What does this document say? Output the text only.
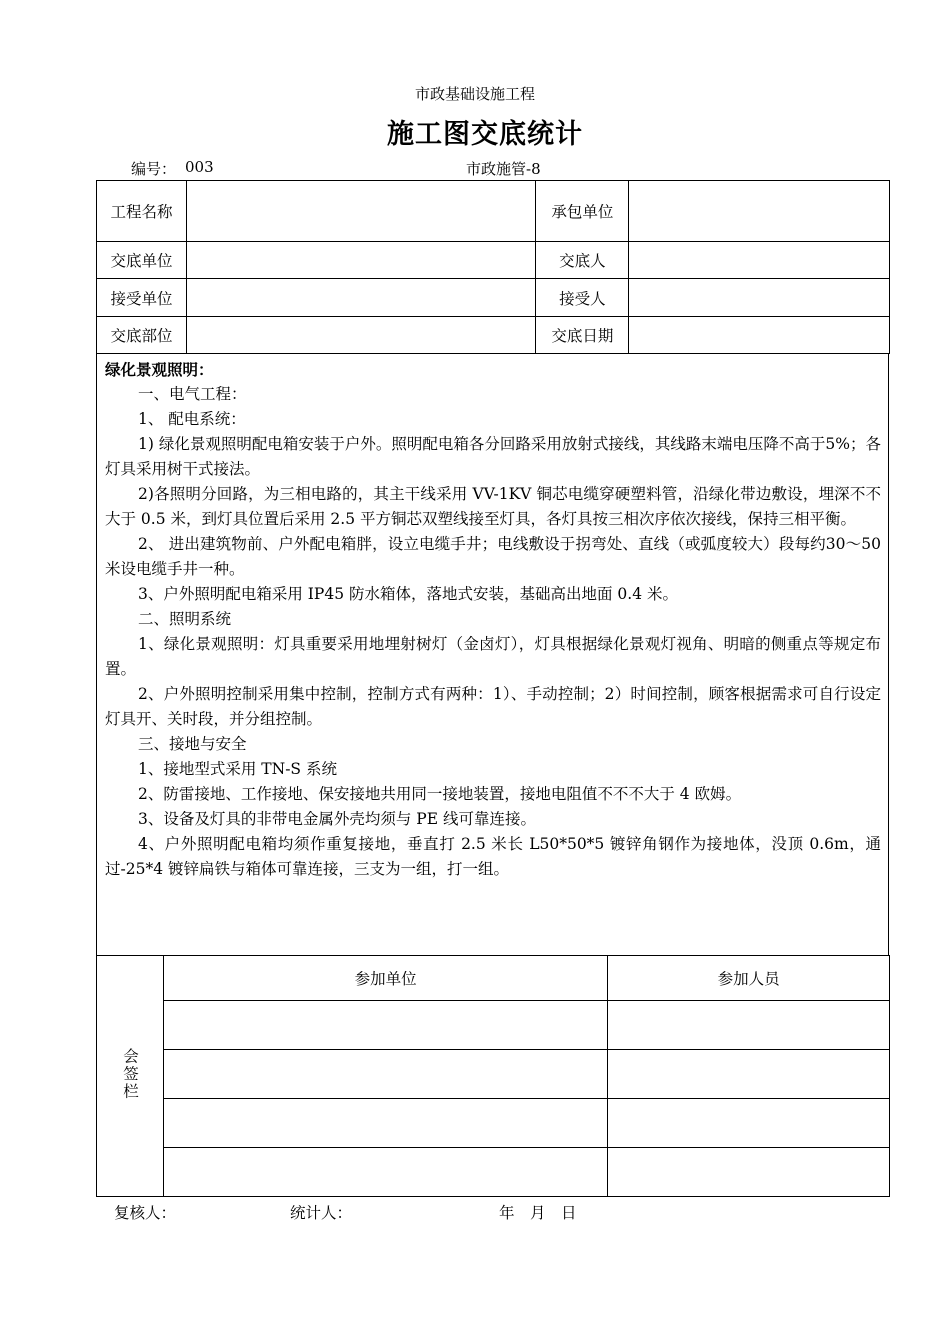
市政基础设施工程
施工图交底统计
编号： 003	市政施管-8
工程名称		承包单位	
交底单位		交底人	
接受单位		接受人	
交底部位		交底日期	

绿化景观照明：

一、电气工程：

1、 配电系统：

1) 绿化景观照明配电箱安装于户外。照明配电箱各分回路采用放射式接线，其线路末端电压降不高于5%；各灯具采用树干式接法。

2)各照明分回路，为三相电路的，其主干线采用 VV-1KV 铜芯电缆穿硬塑料管，沿绿化带边敷设，埋深不不大于 0.5 米，到灯具位置后采用 2.5 平方铜芯双塑线接至灯具，各灯具按三相次序依次接线，保持三相平衡。

2、 进出建筑物前、户外配电箱胖，设立电缆手井；电线敷设于拐弯处、直线（或弧度较大）段每约30～50 米设电缆手井一种。

3、户外照明配电箱采用 IP45 防水箱体，落地式安装，基础高出地面 0.4 米。

二、照明系统

1、绿化景观照明：灯具重要采用地埋射树灯（金卤灯），灯具根据绿化景观灯视角、明暗的侧重点等规定布置。

2、户外照明控制采用集中控制，控制方式有两种：1）、手动控制；2）时间控制，顾客根据需求可自行设定灯具开、关时段，并分组控制。

三、接地与安全

1、接地型式采用 TN-S 系统

2、防雷接地、工作接地、保安接地共用同一接地装置，接地电阻值不不不大于 4 欧姆。

3、设备及灯具的非带电金属外壳均须与 PE 线可靠连接。

4、户外照明配电箱均须作重复接地，垂直打 2.5 米长 L50*50*5 镀锌角钢作为接地体，没顶 0.6m，通过-25*4 镀锌扁铁与箱体可靠连接，三支为一组，打一组。

会签栏	参加单位	参加人员

复核人：	统计人：	年　月　日
